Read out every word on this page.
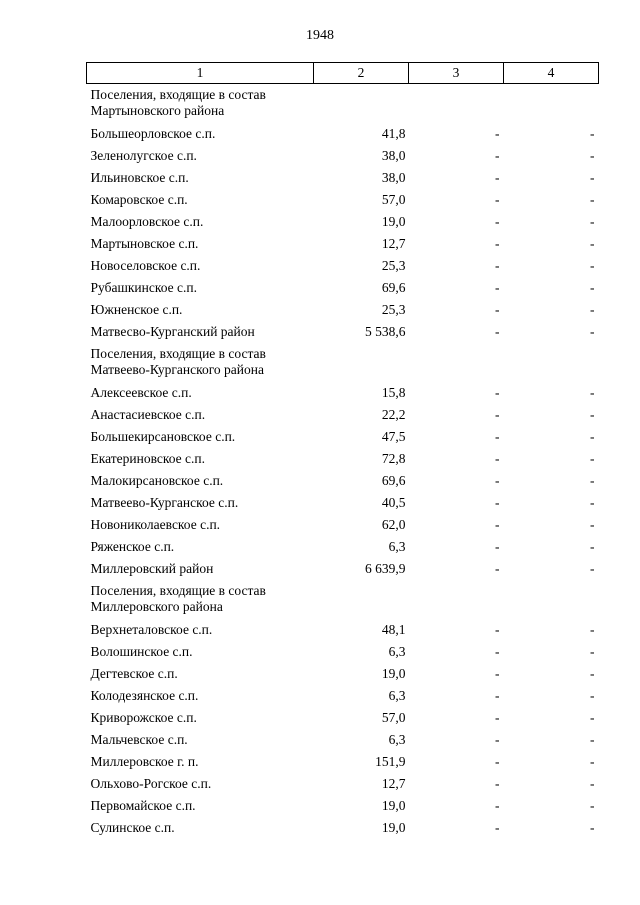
1948
1	2	3	4
Поселения, входящие в состав Мартыновского района			
Большеорловское с.п.	41,8	-	-
Зеленолугское с.п.	38,0	-	-
Ильиновское с.п.	38,0	-	-
Комаровское с.п.	57,0	-	-
Малоорловское с.п.	19,0	-	-
Мартыновское с.п.	12,7	-	-
Новоселовское с.п.	25,3	-	-
Рубашкинское с.п.	69,6	-	-
Южненское с.п.	25,3	-	-
Матвесво-Курганский район	5 538,6	-	-
Поселения, входящие в состав Матвеево-Курганского района			
Алексеевское с.п.	15,8	-	-
Анастасиевское с.п.	22,2	-	-
Большекирсановское с.п.	47,5	-	-
Екатериновское с.п.	72,8	-	-
Малокирсановское с.п.	69,6	-	-
Матвеево-Курганское с.п.	40,5	-	-
Новониколаевское с.п.	62,0	-	-
Ряженское с.п.	6,3	-	-
Миллеровский район	6 639,9	-	-
Поселения, входящие в состав Миллеровского района			
Верхнеталовское с.п.	48,1	-	-
Волошинское с.п.	6,3	-	-
Дегтевское с.п.	19,0	-	-
Колодезянское с.п.	6,3	-	-
Криворожское с.п.	57,0	-	-
Мальчевское с.п.	6,3	-	-
Миллеровское г. п.	151,9	-	-
Ольхово-Рогское с.п.	12,7	-	-
Первомайское с.п.	19,0	-	-
Сулинское с.п.	19,0	-	-
